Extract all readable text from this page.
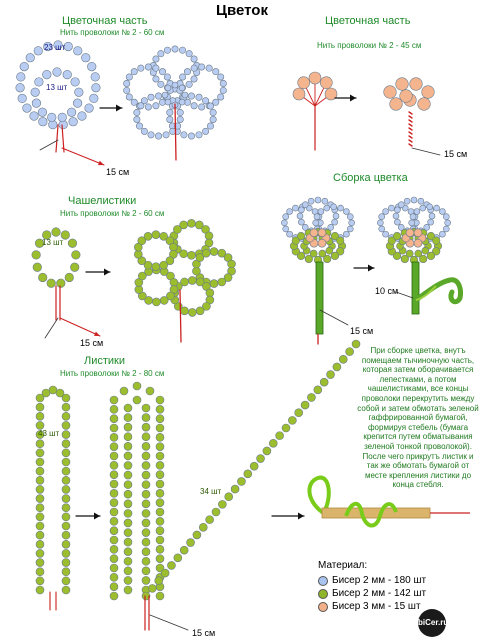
Цветок
Цветочная часть
Нить проволоки № 2 - 60 см
Цветочная часть
Нить проволоки № 2 - 45 см
Сборка цветка
Чашелистики
Нить проволоки № 2 - 60 см
Листики
Нить проволоки № 2 - 80 см
23 шт
13 шт
13 шт
43 шт
34 шт
15 см
15 см
15 см
15 см
10 см
15 см
При сборке цветка, внутъ помещаем тычиночную часть, которая затем оборачивается лепестками, а потом чашелистиками, все концы проволоки перекрутить между собой и затем обмотать зеленой гаффрированной бумагой, формируя стебель (бумага крепится путем обматывания зеленой тонкой проволокой). После чего прикрутъ листик и так же обмотать бумагой от месте крепления листики до конца стебля.
Материал:
Бисер 2 мм - 180 шт
Бисер 2 мм - 142 шт
Бисер 3 мм - 15 шт
biCer.ru
